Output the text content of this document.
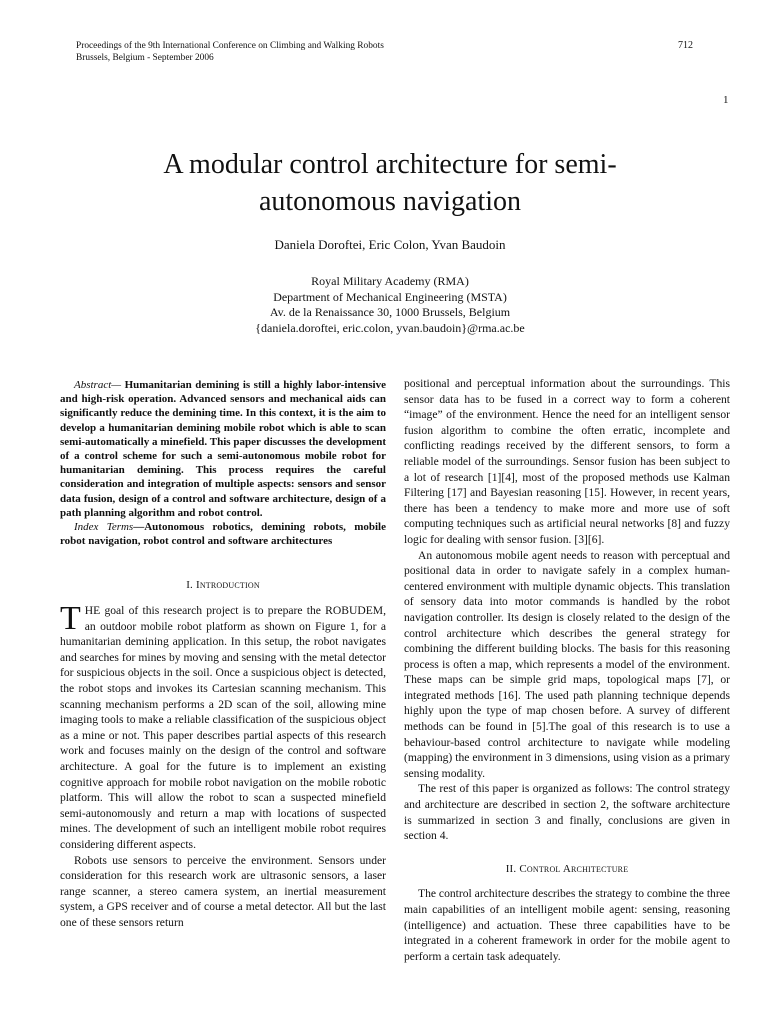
Proceedings of the 9th International Conference on Climbing and Walking Robots
Brussels, Belgium - September 2006
712
1
A modular control architecture for semi-autonomous navigation
Daniela Doroftei, Eric Colon, Yvan Baudoin
Royal Military Academy (RMA)
Department of Mechanical Engineering (MSTA)
Av. de la Renaissance 30, 1000 Brussels, Belgium
{daniela.doroftei, eric.colon, yvan.baudoin}@rma.ac.be

Abstract— Humanitarian demining is still a highly labor-intensive and high-risk operation. Advanced sensors and mechanical aids can significantly reduce the demining time. In this context, it is the aim to develop a humanitarian demining mobile robot which is able to scan semi-automatically a minefield. This paper discusses the development of a control scheme for such a semi-autonomous mobile robot for humanitarian demining. This process requires the careful consideration and integration of multiple aspects: sensors and sensor data fusion, design of a control and software architecture, design of a path planning algorithm and robot control.

Index Terms—Autonomous robotics, demining robots, mobile robot navigation, robot control and software architectures

I. Introduction

THE goal of this research project is to prepare the ROBUDEM, an outdoor mobile robot platform as shown on Figure 1, for a humanitarian demining application. In this setup, the robot navigates and searches for mines by moving and sensing with the metal detector for suspicious objects in the soil. Once a suspicious object is detected, the robot stops and invokes its Cartesian scanning mechanism. This scanning mechanism performs a 2D scan of the soil, allowing mine imaging tools to make a reliable classification of the suspicious object as a mine or not. This paper describes partial aspects of this research work and focuses mainly on the design of the control and software architecture. A goal for the future is to implement an existing cognitive approach for mobile robot navigation on the mobile robotic platform. This will allow the robot to scan a suspected minefield semi-autonomously and return a map with locations of suspected mines. The development of such an intelligent mobile robot requires considering different aspects.

Robots use sensors to perceive the environment. Sensors under consideration for this research work are ultrasonic sensors, a laser range scanner, a stereo camera system, an inertial measurement system, a GPS receiver and of course a metal detector. All but the last one of these sensors return

positional and perceptual information about the surroundings. This sensor data has to be fused in a correct way to form a coherent “image” of the environment. Hence the need for an intelligent sensor fusion algorithm to combine the often erratic, incomplete and conflicting readings received by the different sensors, to form a reliable model of the surroundings. Sensor fusion has been subject to a lot of research [1][4], most of the proposed methods use Kalman Filtering [17] and Bayesian reasoning [15]. However, in recent years, there has been a tendency to make more and more use of soft computing techniques such as artificial neural networks [8] and fuzzy logic for dealing with sensor fusion. [3][6].

An autonomous mobile agent needs to reason with perceptual and positional data in order to navigate safely in a complex human-centered environment with multiple dynamic objects. This translation of sensory data into motor commands is handled by the robot navigation controller. Its design is closely related to the design of the control architecture which describes the general strategy for combining the different building blocks. The basis for this reasoning process is often a map, which represents a model of the environment. These maps can be simple grid maps, topological maps [7], or integrated methods [16]. The used path planning technique depends highly upon the type of map chosen before. A survey of different methods can be found in [5].The goal of this research is to use a behaviour-based control architecture to navigate while modeling (mapping) the environment in 3 dimensions, using vision as a primary sensing modality.

The rest of this paper is organized as follows: The control strategy and architecture are described in section 2, the software architecture is summarized in section 3 and finally, conclusions are given in section 4.

II. Control Architecture

The control architecture describes the strategy to combine the three main capabilities of an intelligent mobile agent: sensing, reasoning (intelligence) and actuation. These three capabilities have to be integrated in a coherent framework in order for the mobile agent to perform a certain task adequately.
